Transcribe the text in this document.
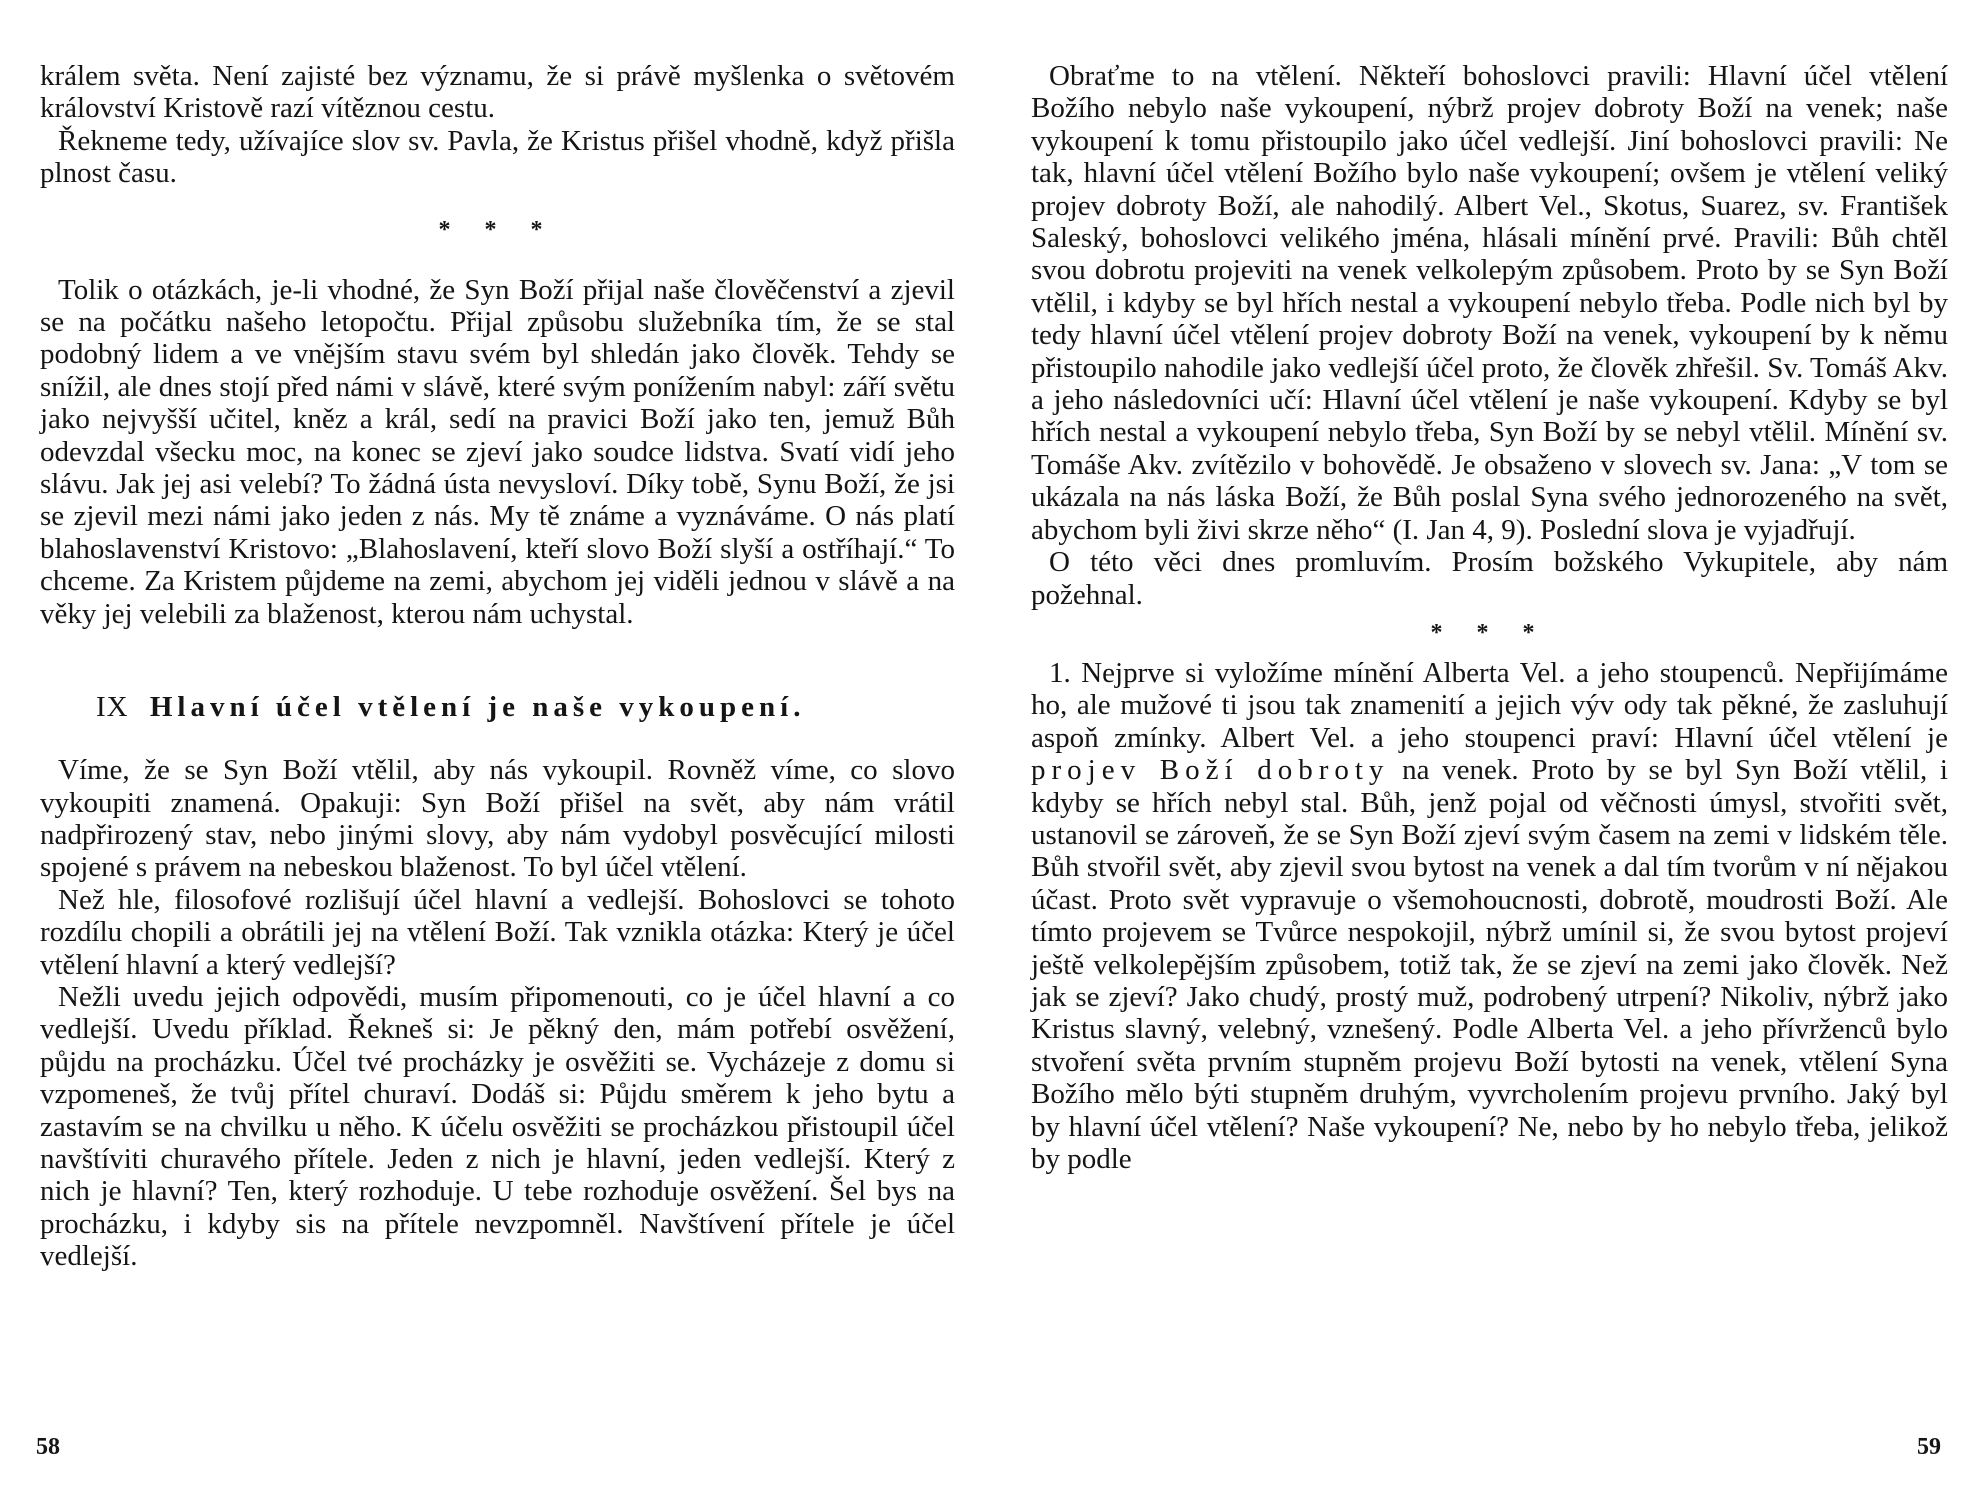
králem světa. Není zajisté bez významu, že si právě myšlenka o světovém království Kristově razí vítěznou cestu.

Řekneme tedy, užívajíce slov sv. Pavla, že Kristus přišel vhodně, když přišla plnost času.

* * *

Tolik o otázkách, je-li vhodné, že Syn Boží přijal naše člověčenství a zjevil se na počátku našeho letopočtu. Přijal způsobu služebníka tím, že se stal podobný lidem a ve vnějším stavu svém byl shledán jako člověk. Tehdy se snížil, ale dnes stojí před námi v slávě, které svým ponížením nabyl: září světu jako nejvyšší učitel, kněz a král, sedí na pravici Boží jako ten, jemuž Bůh odevzdal všecku moc, na konec se zjeví jako soudce lidstva. Svatí vidí jeho slávu. Jak jej asi velebí? To žádná ústa nevysloví. Díky tobě, Synu Boží, že jsi se zjevil mezi námi jako jeden z nás. My tě známe a vyznáváme. O nás platí blahoslavenství Kristovo: „Blahoslavení, kteří slovo Boží slyší a ostříhají.“ To chceme. Za Kristem půjdeme na zemi, abychom jej viděli jednou v slávě a na věky jej velebili za blaženost, kterou nám uchystal.

IX Hlavní účel vtělení je naše vykoupení.

Víme, že se Syn Boží vtělil, aby nás vykoupil. Rovněž víme, co slovo vykoupiti znamená. Opakuji: Syn Boží přišel na svět, aby nám vrátil nadpřirozený stav, nebo jinými slovy, aby nám vydobyl posvěcující milosti spojené s právem na nebeskou blaženost. To byl účel vtělení.

Než hle, filosofové rozlišují účel hlavní a vedlejší. Bohoslovci se tohoto rozdílu chopili a obrátili jej na vtělení Boží. Tak vznikla otázka: Který je účel vtělení hlavní a který vedlejší?

Nežli uvedu jejich odpovědi, musím připomenouti, co je účel hlavní a co vedlejší. Uvedu příklad. Řekneš si: Je pěkný den, mám potřebí osvěžení, půjdu na procházku. Účel tvé procházky je osvěžiti se. Vycházeje z domu si vzpomeneš, že tvůj přítel churaví. Dodáš si: Půjdu směrem k jeho bytu a zastavím se na chvilku u něho. K účelu osvěžiti se procházkou přistoupil účel navštíviti churavého přítele. Jeden z nich je hlavní, jeden vedlejší. Který z nich je hlavní? Ten, který rozhoduje. U tebe rozhoduje osvěžení. Šel bys na procházku, i kdyby sis na přítele nevzpomněl. Navštívení přítele je účel vedlejší.

58

Obraťme to na vtělení. Někteří bohoslovci pravili: Hlavní účel vtělení Božího nebylo naše vykoupení, nýbrž projev dobroty Boží na venek; naše vykoupení k tomu přistoupilo jako účel vedlejší. Jiní bohoslovci pravili: Ne tak, hlavní účel vtělení Božího bylo naše vykoupení; ovšem je vtělení veliký projev dobroty Boží, ale nahodilý. Albert Vel., Skotus, Suarez, sv. František Saleský, bohoslovci velikého jména, hlásali mínění prvé. Pravili: Bůh chtěl svou dobrotu projeviti na venek velkolepým způsobem. Proto by se Syn Boží vtělil, i kdyby se byl hřích nestal a vykoupení nebylo třeba. Podle nich byl by tedy hlavní účel vtělení projev dobroty Boží na venek, vykoupení by k němu přistoupilo nahodile jako vedlejší účel proto, že člověk zhřešil. Sv. Tomáš Akv. a jeho následovníci učí: Hlavní účel vtělení je naše vykoupení. Kdyby se byl hřích nestal a vykoupení nebylo třeba, Syn Boží by se nebyl vtělil. Mínění sv. Tomáše Akv. zvítězilo v bohovědě. Je obsaženo v slovech sv. Jana: „V tom se ukázala na nás láska Boží, že Bůh poslal Syna svého jednorozeného na svět, abychom byli živi skrze něho“ (I. Jan 4, 9). Poslední slova je vyjadřují.

O této věci dnes promluvím. Prosím božského Vykupitele, aby nám požehnal.

* * *

1. Nejprve si vyložíme mínění Alberta Vel. a jeho stoupenců. Nepřijímáme ho, ale mužové ti jsou tak znamenití a jejich výv ody tak pěkné, že zasluhují aspoň zmínky. Albert Vel. a jeho stoupenci praví: Hlavní účel vtělení je projev Boží dobroty na venek. Proto by se byl Syn Boží vtělil, i kdyby se hřích nebyl stal. Bůh, jenž pojal od věčnosti úmysl, stvořiti svět, ustanovil se zároveň, že se Syn Boží zjeví svým časem na zemi v lidském těle. Bůh stvořil svět, aby zjevil svou bytost na venek a dal tím tvorům v ní nějakou účast. Proto svět vypravuje o všemohoucnosti, dobrotě, moudrosti Boží. Ale tímto projevem se Tvůrce nespokojil, nýbrž umínil si, že svou bytost projeví ještě velkolepějším způsobem, totiž tak, že se zjeví na zemi jako člověk. Než jak se zjeví? Jako chudý, prostý muž, podrobený utrpení? Nikoliv, nýbrž jako Kristus slavný, velebný, vznešený. Podle Alberta Vel. a jeho přívrženců bylo stvoření světa prvním stupněm projevu Boží bytosti na venek, vtělení Syna Božího mělo býti stupněm druhým, vyvrcholením projevu prvního. Jaký byl by hlavní účel vtělení? Naše vykoupení? Ne, nebo by ho nebylo třeba, jelikož by podle

59
